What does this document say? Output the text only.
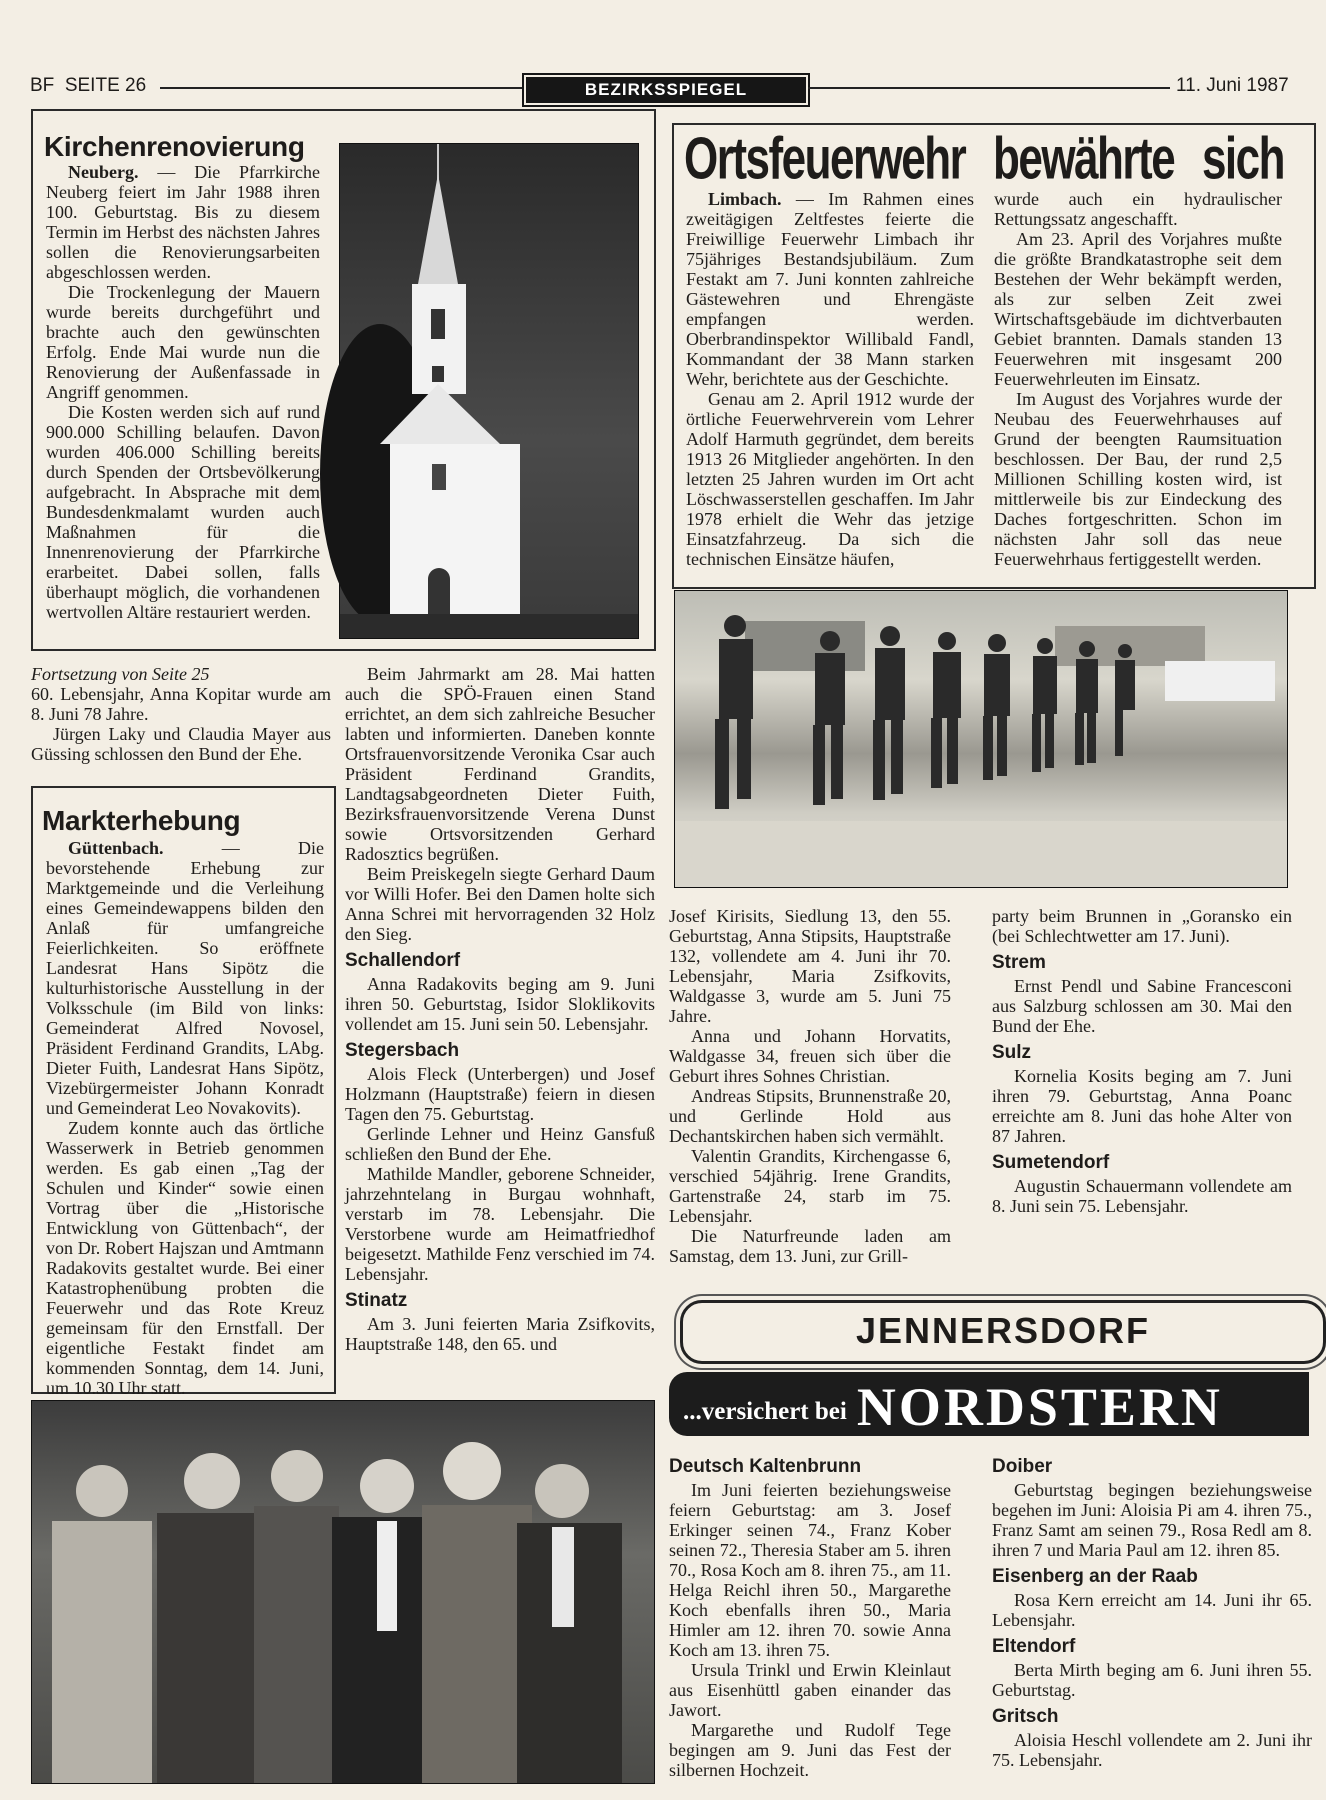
BF  SEITE 26	BEZIRKSSPIEGEL	11. Juni 1987
Kirchenrenovierung

Neuberg. — Die Pfarrkirche Neuberg feiert im Jahr 1988 ihren 100. Geburtstag. Bis zu diesem Termin im Herbst des nächsten Jahres sollen die Renovierungsarbeiten abgeschlossen werden.

Die Trockenlegung der Mauern wurde bereits durchgeführt und brachte auch den gewünschten Erfolg. Ende Mai wurde nun die Renovierung der Außenfassade in Angriff genommen.

Die Kosten werden sich auf rund 900.000 Schilling belaufen. Davon wurden 406.000 Schilling bereits durch Spenden der Ortsbevölkerung aufgebracht. In Absprache mit dem Bundesdenkmalamt wurden auch Maßnahmen für die Innenrenovierung der Pfarrkirche erarbeitet. Dabei sollen, falls überhaupt möglich, die vorhandenen wertvollen Altäre restauriert werden.

Ortsfeuerwehr bewährte sich

Limbach. — Im Rahmen eines zweitägigen Zeltfestes feierte die Freiwillige Feuerwehr Limbach ihr 75jähriges Bestandsjubiläum. Zum Festakt am 7. Juni konnten zahlreiche Gästewehren und Ehrengäste empfangen werden. Oberbrandinspektor Willibald Fandl, Kommandant der 38 Mann starken Wehr, berichtete aus der Geschichte.

Genau am 2. April 1912 wurde der örtliche Feuerwehrverein vom Lehrer Adolf Harmuth gegründet, dem bereits 1913 26 Mitglieder angehörten. In den letzten 25 Jahren wurden im Ort acht Löschwasserstellen geschaffen. Im Jahr 1978 erhielt die Wehr das jetzige Einsatzfahrzeug. Da sich die technischen Einsätze häufen,

wurde auch ein hydraulischer Rettungssatz angeschafft.

Am 23. April des Vorjahres mußte die größte Brandkatastrophe seit dem Bestehen der Wehr bekämpft werden, als zur selben Zeit zwei Wirtschaftsgebäude im dichtverbauten Gebiet brannten. Damals standen 13 Feuerwehren mit insgesamt 200 Feuerwehrleuten im Einsatz.

Im August des Vorjahres wurde der Neubau des Feuerwehrhauses auf Grund der beengten Raumsituation beschlossen. Der Bau, der rund 2,5 Millionen Schilling kosten wird, ist mittlerweile bis zur Eindeckung des Daches fortgeschritten. Schon im nächsten Jahr soll das neue Feuerwehrhaus fertiggestellt werden.

Fortsetzung von Seite 25

60. Lebensjahr, Anna Kopitar wurde am 8. Juni 78 Jahre.

Jürgen Laky und Claudia Mayer aus Güssing schlossen den Bund der Ehe.

Markterhebung

Güttenbach. — Die bevorstehende Erhebung zur Marktgemeinde und die Verleihung eines Gemeindewappens bilden den Anlaß für umfangreiche Feierlichkeiten. So eröffnete Landesrat Hans Sipötz die kulturhistorische Ausstellung in der Volksschule (im Bild von links: Gemeinderat Alfred Novosel, Präsident Ferdinand Grandits, LAbg. Dieter Fuith, Landesrat Hans Sipötz, Vizebürgermeister Johann Konradt und Gemeinderat Leo Novakovits).

Zudem konnte auch das örtliche Wasserwerk in Betrieb genommen werden. Es gab einen „Tag der Schulen und Kinder“ sowie einen Vortrag über die „Historische Entwicklung von Güttenbach“, der von Dr. Robert Hajszan und Amtmann Radakovits gestaltet wurde. Bei einer Katastrophenübung probten die Feuerwehr und das Rote Kreuz gemeinsam für den Ernstfall. Der eigentliche Festakt findet am kommenden Sonntag, dem 14. Juni, um 10.30 Uhr statt.

Beim Jahrmarkt am 28. Mai hatten auch die SPÖ-Frauen einen Stand errichtet, an dem sich zahlreiche Besucher labten und informierten. Daneben konnte Ortsfrauenvorsitzende Veronika Csar auch Präsident Ferdinand Grandits, Landtagsabgeordneten Dieter Fuith, Bezirksfrauenvorsitzende Verena Dunst sowie Ortsvorsitzenden Gerhard Radosztics begrüßen.

Beim Preiskegeln siegte Gerhard Daum vor Willi Hofer. Bei den Damen holte sich Anna Schrei mit hervorragenden 32 Holz den Sieg.

Schallendorf

Anna Radakovits beging am 9. Juni ihren 50. Geburtstag, Isidor Sloklikovits vollendet am 15. Juni sein 50. Lebensjahr.

Stegersbach

Alois Fleck (Unterbergen) und Josef Holzmann (Hauptstraße) feiern in diesen Tagen den 75. Geburtstag.

Gerlinde Lehner und Heinz Gansfuß schließen den Bund der Ehe.

Mathilde Mandler, geborene Schneider, jahrzehntelang in Burgau wohnhaft, verstarb im 78. Lebensjahr. Die Verstorbene wurde am Heimatfriedhof beigesetzt. Mathilde Fenz verschied im 74. Lebensjahr.

Stinatz

Am 3. Juni feierten Maria Zsifkovits, Hauptstraße 148, den 65. und

Josef Kirisits, Siedlung 13, den 55. Geburtstag, Anna Stipsits, Hauptstraße 132, vollendete am 4. Juni ihr 70. Lebensjahr, Maria Zsifkovits, Waldgasse 3, wurde am 5. Juni 75 Jahre.

Anna und Johann Horvatits, Waldgasse 34, freuen sich über die Geburt ihres Sohnes Christian.

Andreas Stipsits, Brunnenstraße 20, und Gerlinde Hold aus Dechantskirchen haben sich vermählt.

Valentin Grandits, Kirchengasse 6, verschied 54jährig. Irene Grandits, Gartenstraße 24, starb im 75. Lebensjahr.

Die Naturfreunde laden am Samstag, dem 13. Juni, zur Grill-

party beim Brunnen in „Goransko ein (bei Schlechtwetter am 17. Juni).

Strem

Ernst Pendl und Sabine Francesconi aus Salzburg schlossen am 30. Mai den Bund der Ehe.

Sulz

Kornelia Kosits beging am 7. Juni ihren 79. Geburtstag, Anna Poanc erreichte am 8. Juni das hohe Alter von 87 Jahren.

Sumetendorf

Augustin Schauermann vollendete am 8. Juni sein 75. Lebensjahr.

JENNERSDORF
...versichert bei NORDSTERN
Deutsch Kaltenbrunn

Im Juni feierten beziehungsweise feiern Geburtstag: am 3. Josef Erkinger seinen 74., Franz Kober seinen 72., Theresia Staber am 5. ihren 70., Rosa Koch am 8. ihren 75., am 11. Helga Reichl ihren 50., Margarethe Koch ebenfalls ihren 50., Maria Himler am 12. ihren 70. sowie Anna Koch am 13. ihren 75.

Ursula Trinkl und Erwin Kleinlaut aus Eisenhüttl gaben einander das Jawort.

Margarethe und Rudolf Tege begingen am 9. Juni das Fest der silbernen Hochzeit.

Doiber

Geburtstag begingen beziehungsweise begehen im Juni: Aloisia Pi am 4. ihren 75., Franz Samt am seinen 79., Rosa Redl am 8. ihren 7 und Maria Paul am 12. ihren 85.

Eisenberg an der Raab

Rosa Kern erreicht am 14. Juni ihr 65. Lebensjahr.

Eltendorf

Berta Mirth beging am 6. Juni ihren 55. Geburtstag.

Gritsch

Aloisia Heschl vollendete am 2. Juni ihr 75. Lebensjahr.
